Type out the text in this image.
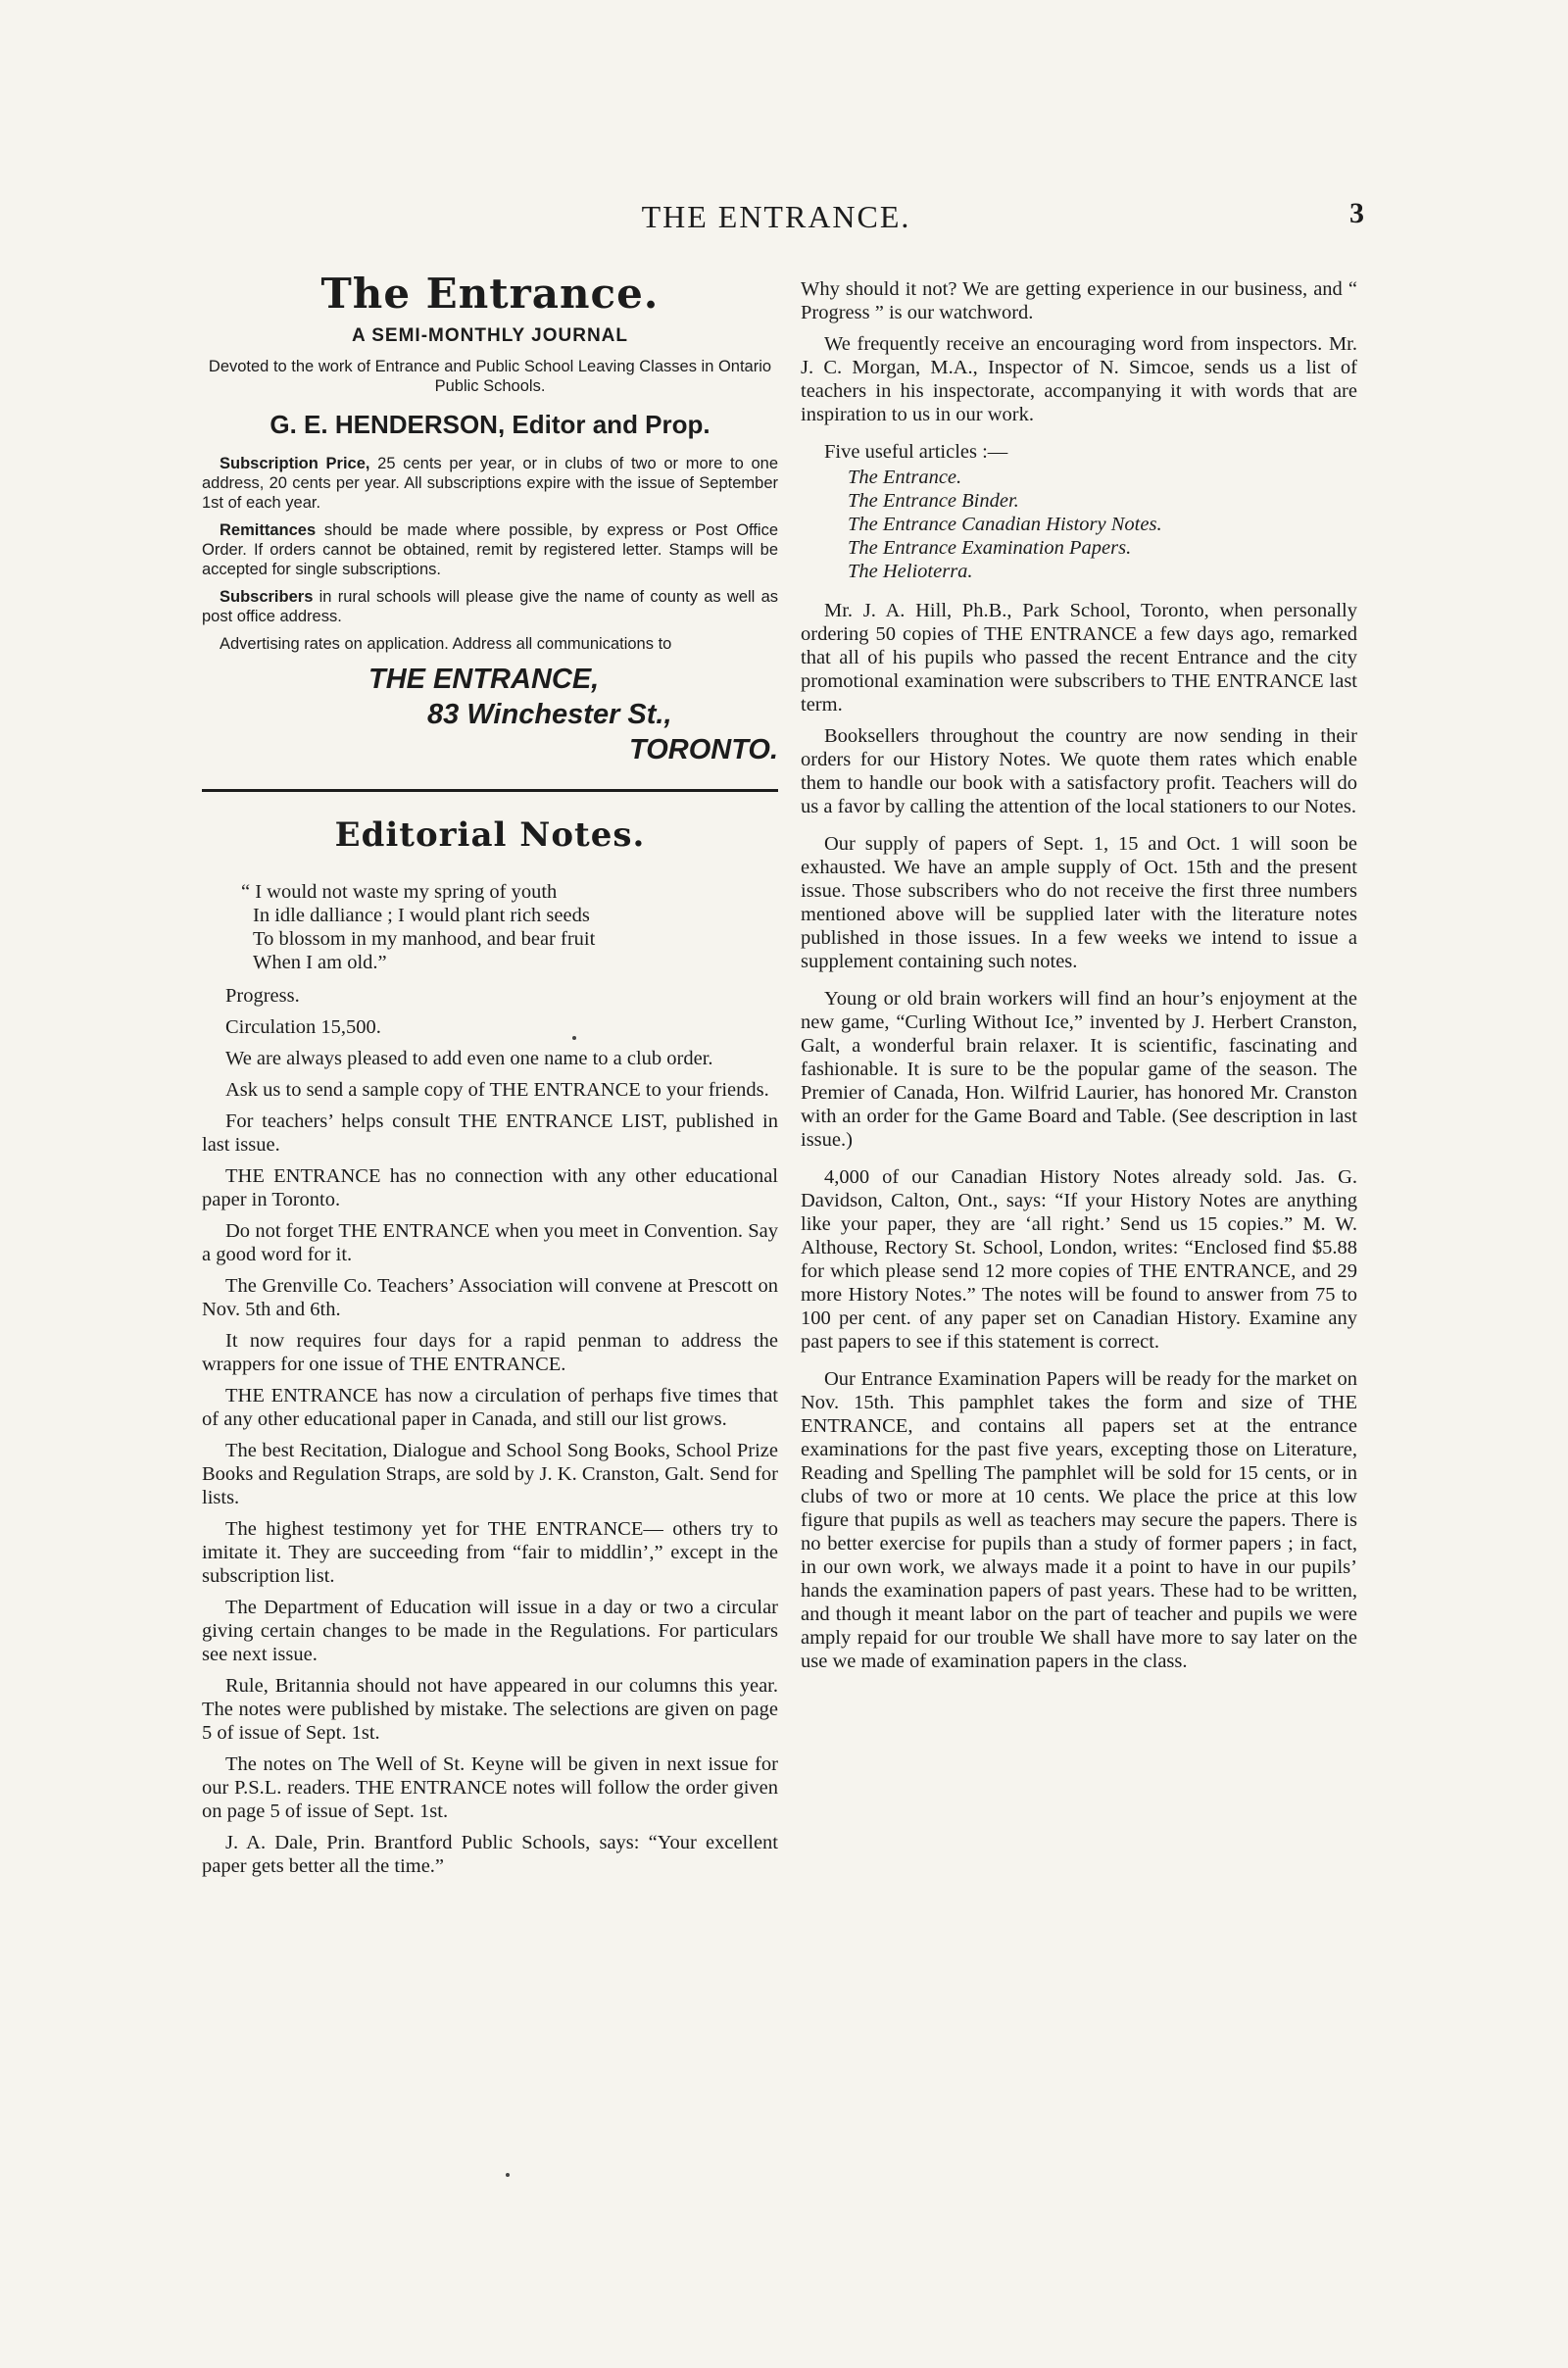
THE ENTRANCE.	3
The Entrance.
A SEMI-MONTHLY JOURNAL

Devoted to the work of Entrance and Public School Leaving Classes in Ontario Public Schools.

G. E. HENDERSON, Editor and Prop.

Subscription Price, 25 cents per year, or in clubs of two or more to one address, 20 cents per year. All subscriptions expire with the issue of September 1st of each year.

Remittances should be made where possible, by express or Post Office Order. If orders cannot be obtained, remit by registered letter. Stamps will be accepted for single subscriptions.

Subscribers in rural schools will please give the name of county as well as post office address.

Advertising rates on application. Address all communications to

THE ENTRANCE,
83 Winchester St.,
TORONTO.
Editorial Notes.
“ I would not waste my spring of youth
In idle dalliance ; I would plant rich seeds
To blossom in my manhood, and bear fruit
When I am old.”

Progress.

Circulation 15,500.

We are always pleased to add even one name to a club order.

Ask us to send a sample copy of THE ENTRANCE to your friends.

For teachers’ helps consult THE ENTRANCE LIST, published in last issue.

THE ENTRANCE has no connection with any other educational paper in Toronto.

Do not forget THE ENTRANCE when you meet in Convention. Say a good word for it.

The Grenville Co. Teachers’ Association will convene at Prescott on Nov. 5th and 6th.

It now requires four days for a rapid penman to address the wrappers for one issue of THE ENTRANCE.

THE ENTRANCE has now a circulation of perhaps five times that of any other educational paper in Canada, and still our list grows.

The best Recitation, Dialogue and School Song Books, School Prize Books and Regulation Straps, are sold by J. K. Cranston, Galt. Send for lists.

The highest testimony yet for THE ENTRANCE— others try to imitate it. They are succeeding from “fair to middlin’,” except in the subscription list.

The Department of Education will issue in a day or two a circular giving certain changes to be made in the Regulations. For particulars see next issue.

Rule, Britannia should not have appeared in our columns this year. The notes were published by mistake. The selections are given on page 5 of issue of Sept. 1st.

The notes on The Well of St. Keyne will be given in next issue for our P.S.L. readers. THE ENTRANCE notes will follow the order given on page 5 of issue of Sept. 1st.

J. A. Dale, Prin. Brantford Public Schools, says: “Your excellent paper gets better all the time.”

Why should it not? We are getting experience in our business, and “ Progress ” is our watchword.

We frequently receive an encouraging word from inspectors. Mr. J. C. Morgan, M.A., Inspector of N. Simcoe, sends us a list of teachers in his inspectorate, accompanying it with words that are inspiration to us in our work.

Five useful articles :—
The Entrance.
The Entrance Binder.
The Entrance Canadian History Notes.
The Entrance Examination Papers.
The Helioterra.

Mr. J. A. Hill, Ph.B., Park School, Toronto, when personally ordering 50 copies of THE ENTRANCE a few days ago, remarked that all of his pupils who passed the recent Entrance and the city promotional examination were subscribers to THE ENTRANCE last term.

Booksellers throughout the country are now sending in their orders for our History Notes. We quote them rates which enable them to handle our book with a satisfactory profit. Teachers will do us a favor by calling the attention of the local stationers to our Notes.

Our supply of papers of Sept. 1, 15 and Oct. 1 will soon be exhausted. We have an ample supply of Oct. 15th and the present issue. Those subscribers who do not receive the first three numbers mentioned above will be supplied later with the literature notes published in those issues. In a few weeks we intend to issue a supplement containing such notes.

Young or old brain workers will find an hour’s enjoyment at the new game, “Curling Without Ice,” invented by J. Herbert Cranston, Galt, a wonderful brain relaxer. It is scientific, fascinating and fashionable. It is sure to be the popular game of the season. The Premier of Canada, Hon. Wilfrid Laurier, has honored Mr. Cranston with an order for the Game Board and Table. (See description in last issue.)

4,000 of our Canadian History Notes already sold. Jas. G. Davidson, Calton, Ont., says: “If your History Notes are anything like your paper, they are ‘all right.’ Send us 15 copies.” M. W. Althouse, Rectory St. School, London, writes: “Enclosed find $5.88 for which please send 12 more copies of THE ENTRANCE, and 29 more History Notes.” The notes will be found to answer from 75 to 100 per cent. of any paper set on Canadian History. Examine any past papers to see if this statement is correct.

Our Entrance Examination Papers will be ready for the market on Nov. 15th. This pamphlet takes the form and size of THE ENTRANCE, and contains all papers set at the entrance examinations for the past five years, excepting those on Literature, Reading and Spelling The pamphlet will be sold for 15 cents, or in clubs of two or more at 10 cents. We place the price at this low figure that pupils as well as teachers may secure the papers. There is no better exercise for pupils than a study of former papers ; in fact, in our own work, we always made it a point to have in our pupils’ hands the examination papers of past years. These had to be written, and though it meant labor on the part of teacher and pupils we were amply repaid for our trouble We shall have more to say later on the use we made of examination papers in the class.
